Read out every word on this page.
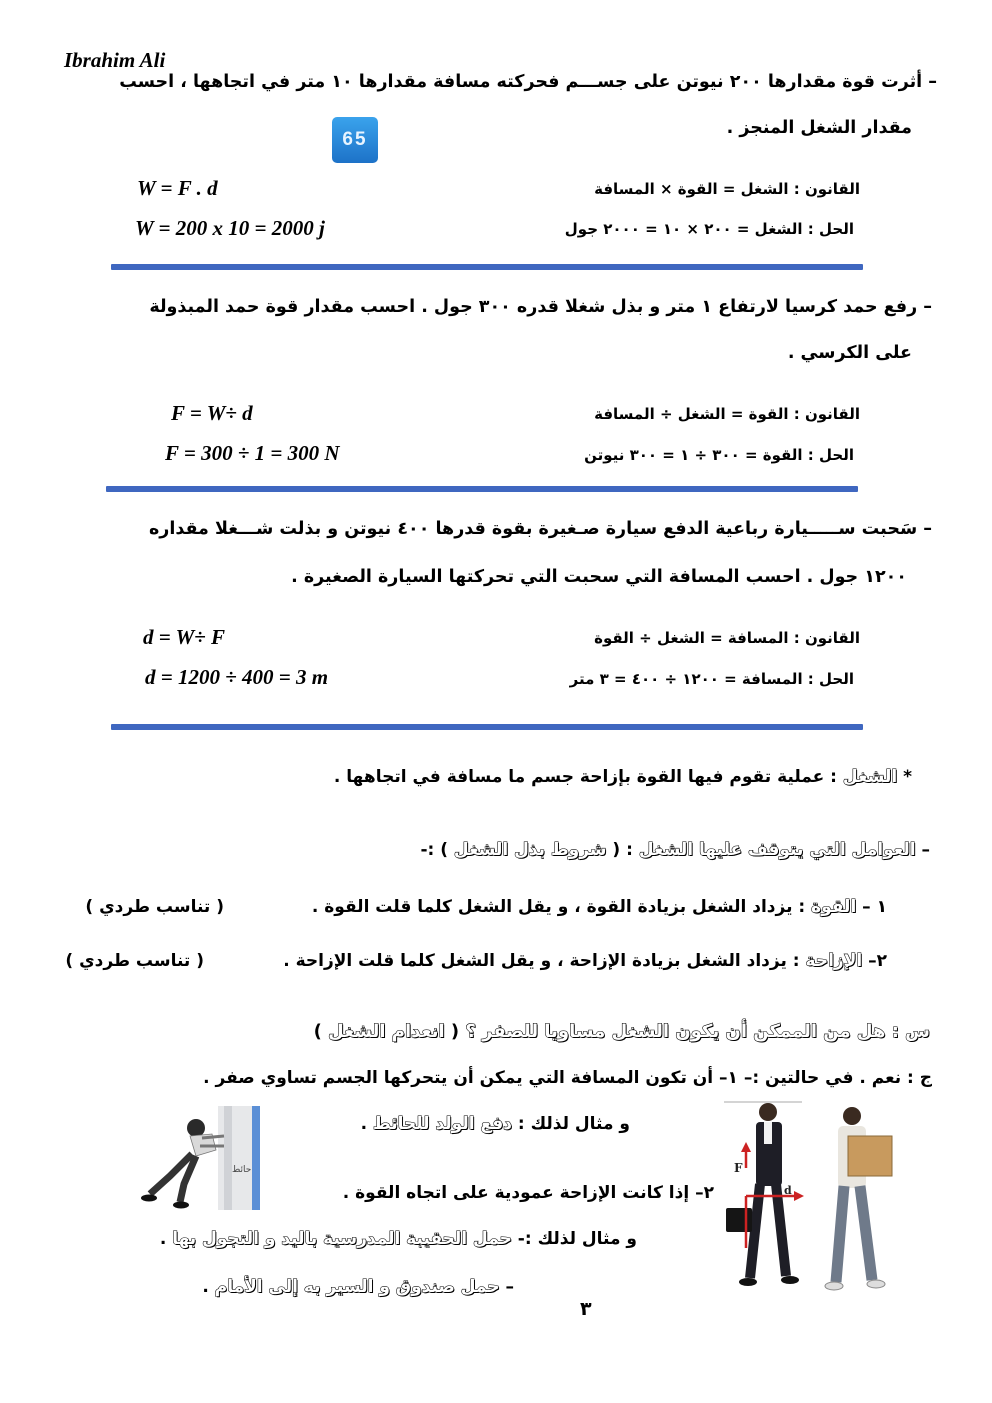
Ibrahim Ali
65
– أثرت قوة مقدارها ٢٠٠ نيوتن على جســـم فحركته مسافة مقدارها ١٠ متر في اتجاهها ، احسب
مقدار الشغل المنجز .
القانون : الشغل = القوة × المسافة
W = F . d
الحل : الشغل = ٢٠٠ × ١٠ = ٢٠٠٠ جول
W = 200 x 10 = 2000 j
– رفع حمد كرسيا لارتفاع ١ متر و بذل شغلا قدره ٣٠٠ جول . احسب مقدار قوة حمد المبذولة
على الكرسي .
القانون : القوة = الشغل ÷ المسافة
F = W÷ d
الحل : القوة = ٣٠٠ ÷ ١ = ٣٠٠ نيوتن
F = 300 ÷ 1 = 300 N
– سَحبت ســـــيارة رباعية الدفع سيارة صـغيرة بقوة قدرها ٤٠٠ نيوتن و بذلت شـــغلا مقداره
١٢٠٠ جول . احسب المسافة التي سحبت التي تحركتها السيارة الصغيرة .
القانون : المسافة = الشغل ÷ القوة
d = W÷ F
الحل : المسافة = ١٢٠٠ ÷ ٤٠٠ = ٣ متر
d = 1200 ÷ 400 = 3 m
* الشغل : عملية تقوم فيها القوة بإزاحة جسم ما مسافة في اتجاهها .
– العوامل التي يتوقف عليها الشغل : ( شروط بذل الشغل ) :-
١ – القوة : يزداد الشغل بزيادة القوة ، و يقل الشغل كلما قلت القوة .
( تناسب طردي )
٢– الإزاحة : يزداد الشغل بزيادة الإزاحة ، و يقل الشغل كلما قلت الإزاحة .
( تناسب طردي )
س : هل من الممكن أن يكون الشغل مساويا للصفر ؟ ( انعدام الشغل )
ج : نعم . في حالتين :– ١– أن تكون المسافة التي يمكن أن يتحركها الجسم تساوي صفر .
و مثال لذلك : دفع الولد للحائط .
٢– إذا كانت الإزاحة عمودية على اتجاه القوة .
و مثال لذلك :- حمل الحقيبة المدرسية باليد و التجول بها .
– حمل صندوق و السير به إلى الأمام .
حائط	F
d
٣
